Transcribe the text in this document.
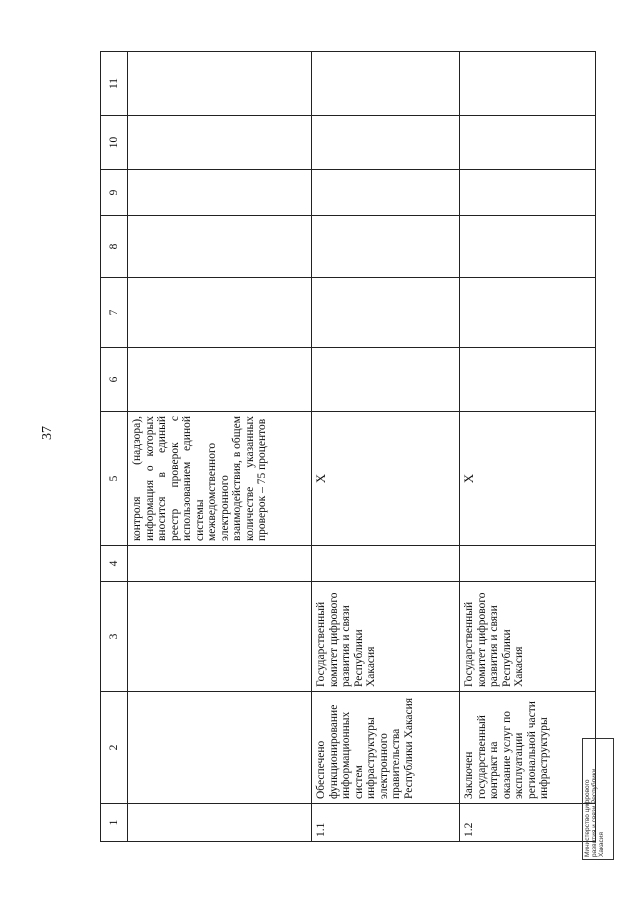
37
1	2	3	4	5	6	7	8	9	10	11
				контроля (надзора), информация о которых вносится в единый реестр проверок с использованием единой системы межведомственного электронного взаимодействия, в общем количестве указанных проверок – 75 процентов						
1.1	Обеспечено функционирование информационных систем инфраструктуры электронного правительства Республики Хакасия	Государственный комитет цифрового развития и связи Республики Хакасия		X						
1.2	Заключен государственный контракт на оказание услуг по эксплуатации региональной части инфраструктуры	Государственный комитет цифрового развития и связи Республики Хакасия		X						
Министерство цифрового развития и связи Республики Хакасия
